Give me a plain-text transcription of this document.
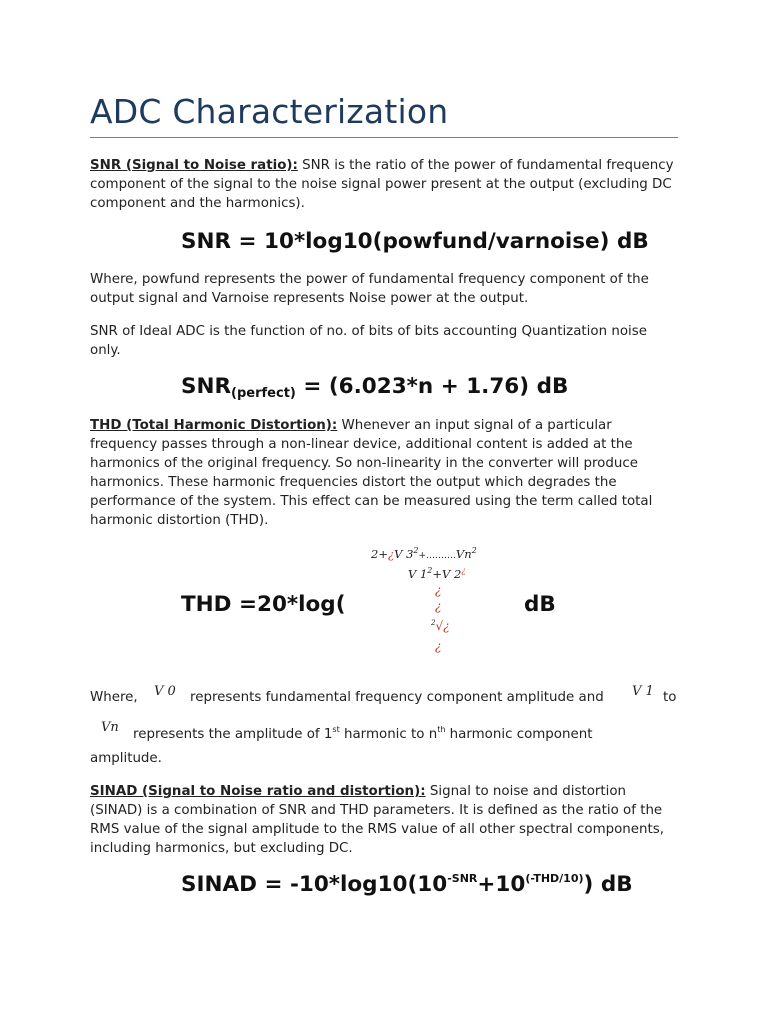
ADC Characterization
SNR (Signal to Noise ratio): SNR is the ratio of the power of fundamental frequency component of the signal to the noise signal power present at the output (excluding DC component and the harmonics).
SNR = 10*log10(powfund/varnoise) dB
Where, powfund represents the power of fundamental frequency component of the output signal and Varnoise represents Noise power at the output.
SNR of Ideal ADC is the function of no. of bits of bits accounting Quantization noise only.
$SNR_{(perfect)} = (6.023*n + 1.76)$ dB
THD (Total Harmonic Distortion): Whenever an input signal of a particular frequency passes through a non-linear device, additional content is added at the harmonics of the original frequency. So non-linearity in the converter will produce harmonics. These harmonic frequencies distort the output which degrades the performance of the system. This effect can be measured using the term called total harmonic distortion (THD).
2+¿V $3^2+\dots\dots\dots.Vn^2$
V $1^2+V$ 2¿
¿
¿
$^2$√¿
¿
THD =20*log(	dB
Where, V 0 represents fundamental frequency component amplitude and V 1 to
Vn represents the amplitude of 1st harmonic to $n^{th}$ harmonic component
amplitude.
SINAD (Signal to Noise ratio and distortion): Signal to noise and distortion (SINAD) is a combination of SNR and THD parameters. It is defined as the ratio of the RMS value of the signal amplitude to the RMS value of all other spectral components, including harmonics, but excluding DC.
SINAD = $-10*\log 10(10^{-SNR}+10^{(-THD/10)})$ dB
